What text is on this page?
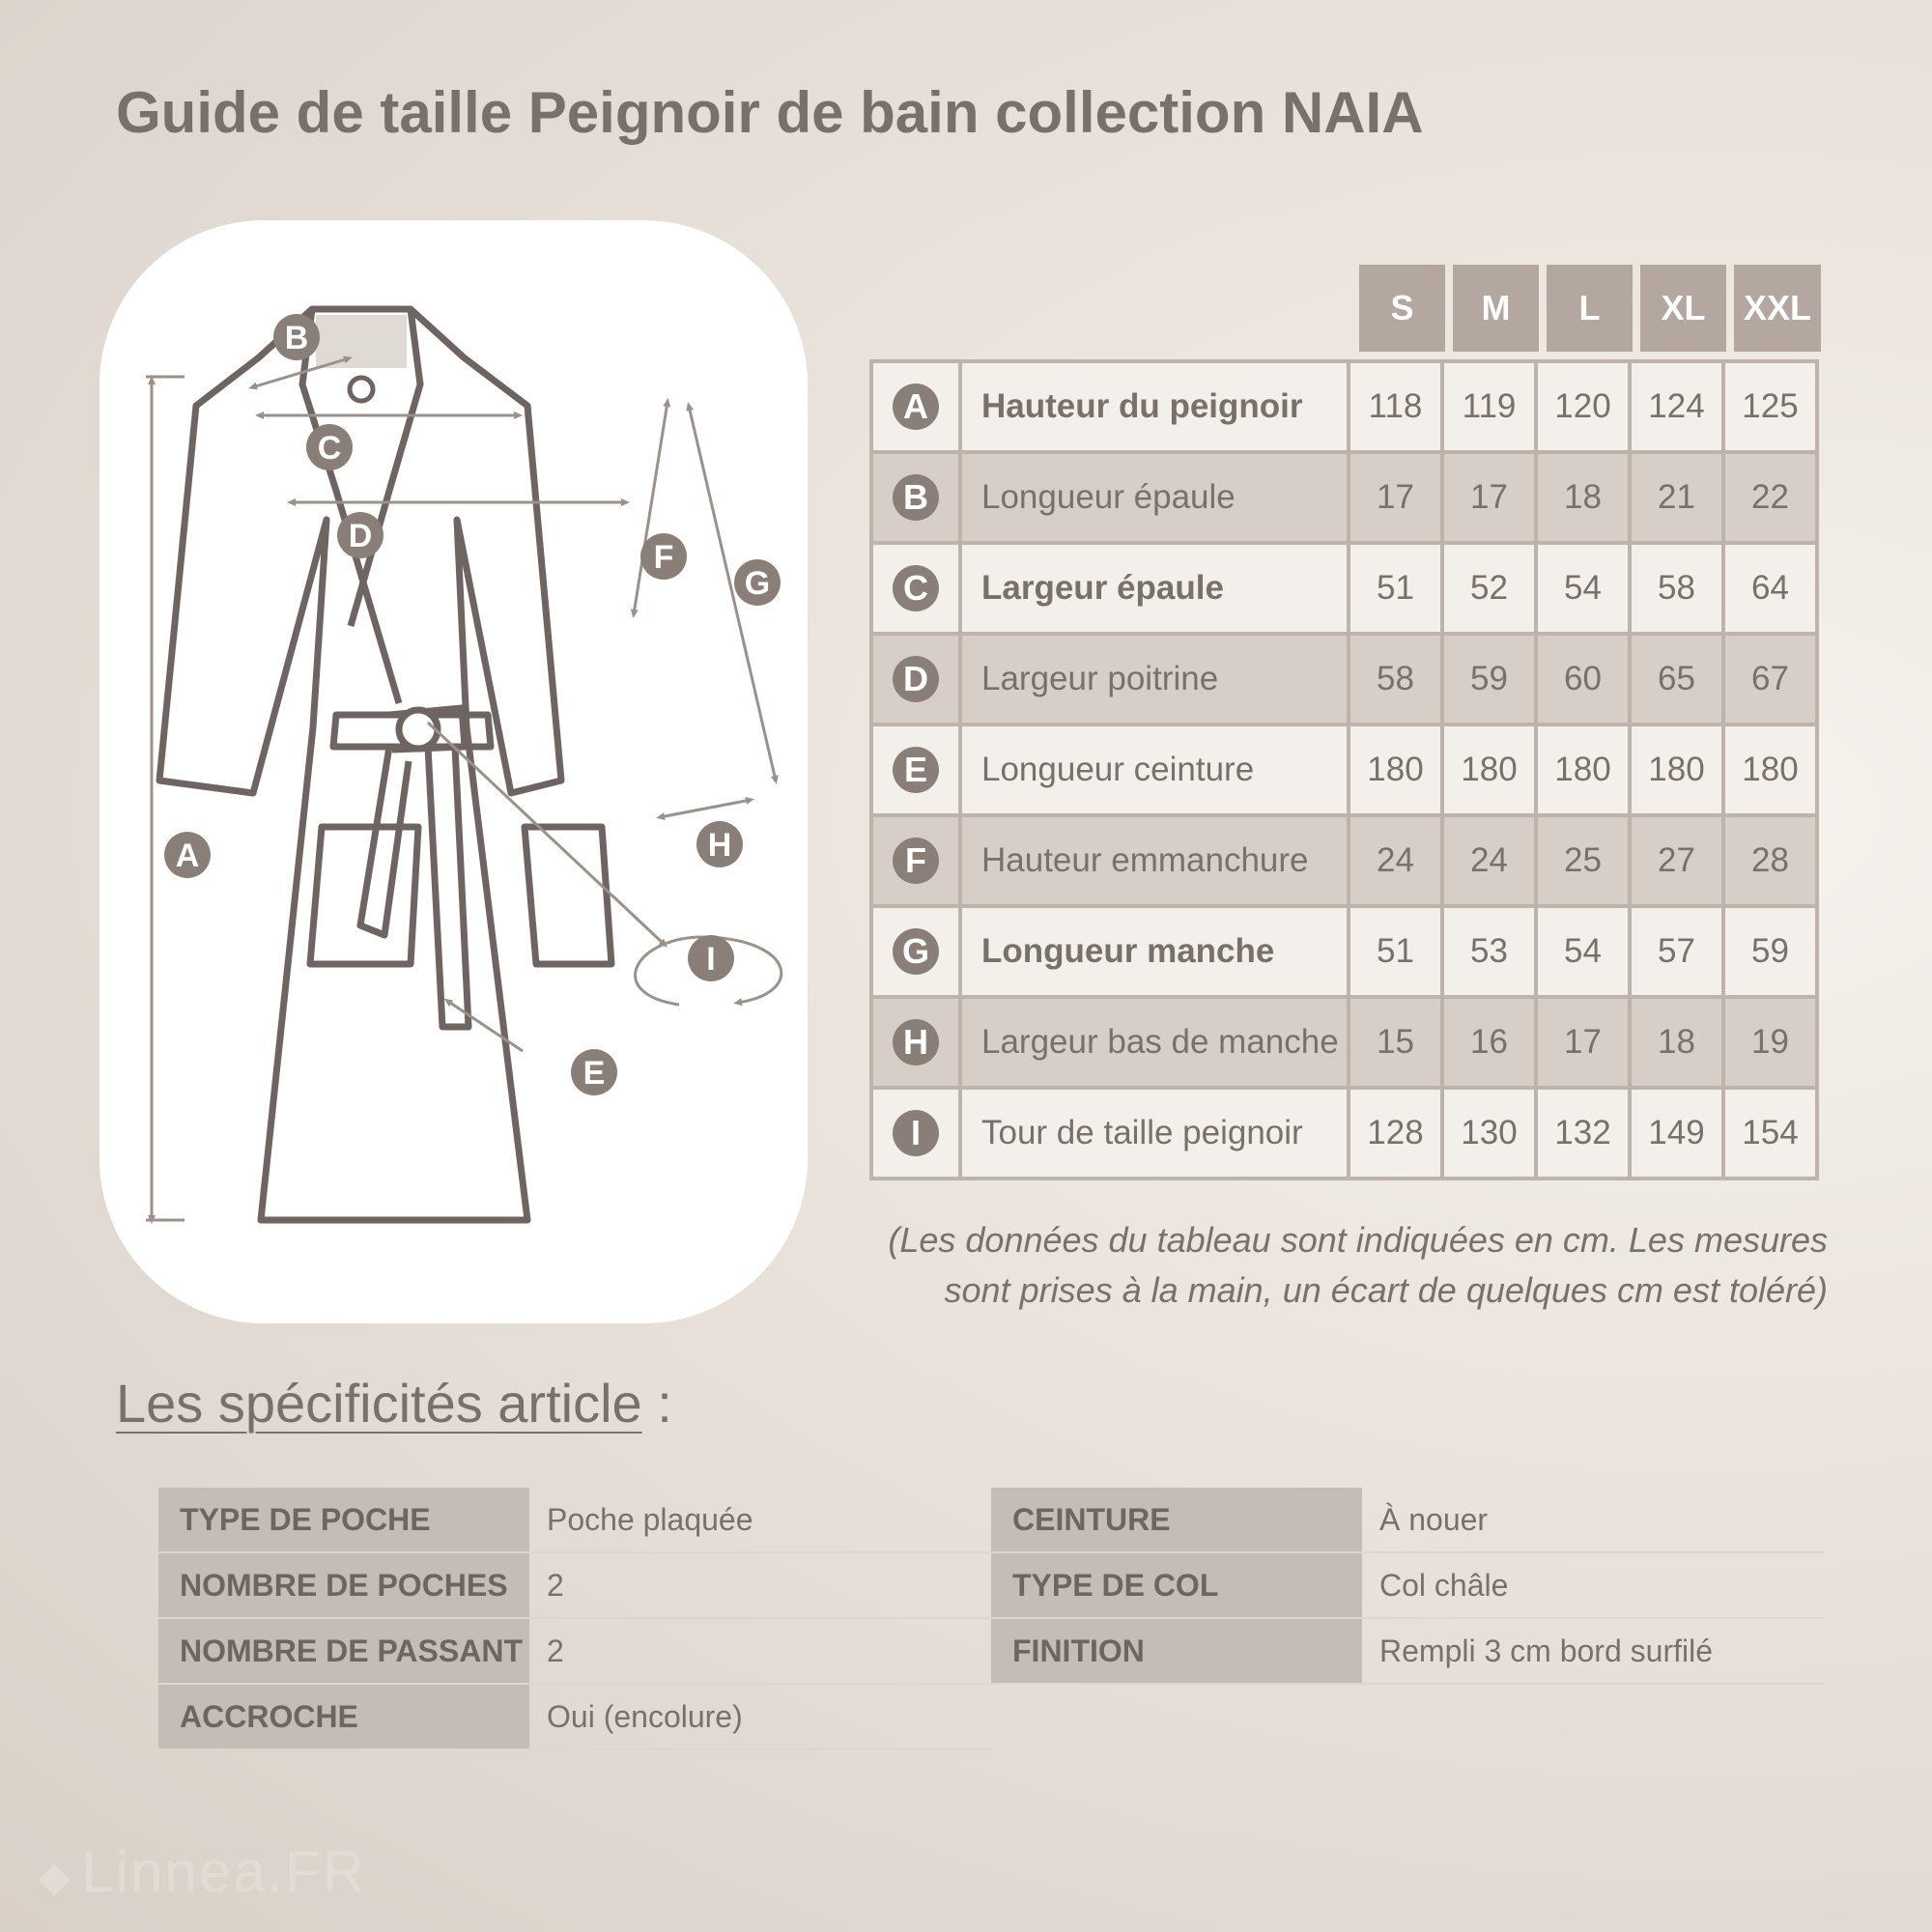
Guide de taille Peignoir de bain collection NAIA
B
C
D
F
G
A	H
I
E
S	M	L	XL	XXL
A	Hauteur du peignoir	118	119	120	124	125
B	Longueur épaule	17	17	18	21	22
C	Largeur épaule	51	52	54	58	64
D	Largeur poitrine	58	59	60	65	67
E	Longueur ceinture	180	180	180	180	180
F	Hauteur emmanchure	24	24	25	27	28
G	Longueur manche	51	53	54	57	59
H	Largeur bas de manche	15	16	17	18	19
I	Tour de taille peignoir	128	130	132	149	154
(Les données du tableau sont indiquées en cm. Les mesures
sont prises à la main, un écart de quelques cm est toléré)
Les spécificités article :
TYPE DE POCHE	Poche plaquée
NOMBRE DE POCHES	2
NOMBRE DE PASSANT 2
ACCROCHE	Oui (encolure)
CEINTURE	À nouer
TYPE DE COL	Col châle
FINITION	Rempli 3 cm bord surfilé
◆ Linnea.FR
